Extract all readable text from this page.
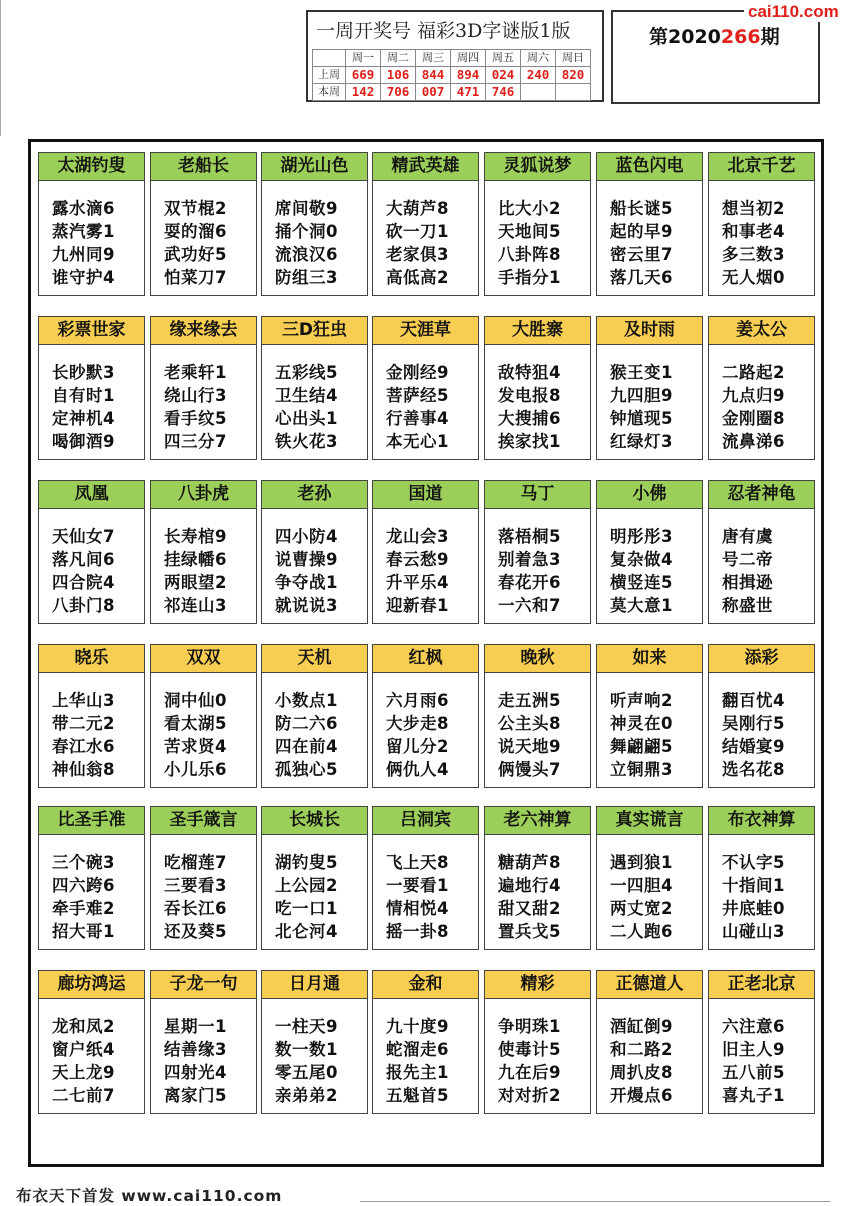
一周开奖号 福彩3D字谜版1版
	周一	周二	周三	周四	周五	周六	周日
上周	669	106	844	894	024	240	820
本周	142	706	007	471	746		
第2020266期
cai110.com
太湖钓叟
露水滴6
蒸汽雾1
九州同9
谁守护4
老船长
双节棍2
耍的溜6
武功好5
怕菜刀7
湖光山色
席间敬9
捅个洞0
流浪汉6
防组三3
精武英雄
大葫芦8
砍一刀1
老家俱3
高低高2
灵狐说梦
比大小2
天地间5
八卦阵8
手指分1
蓝色闪电
船长谜5
起的早9
密云里7
落几天6
北京千艺
想当初2
和事老4
多三数3
无人烟0
彩票世家
长眇默3
自有时1
定神机4
喝御酒9
缘来缘去
老乘轩1
绕山行3
看手纹5
四三分7
三D狂虫
五彩线5
卫生结4
心出头1
铁火花3
天涯草
金刚经9
菩萨经5
行善事4
本无心1
大胜寨
敌特狙4
发电报8
大搜捕6
挨家找1
及时雨
猴王变1
九四胆9
钟馗现5
红绿灯3
姜太公
二路起2
九点归9
金刚圈8
流鼻涕6
凤凰
天仙女7
落凡间6
四合院4
八卦门8
八卦虎
长寿棺9
挂绿幡6
两眼望2
祁连山3
老孙
四小防4
说曹操9
争夺战1
就说说3
国道
龙山会3
春云愁9
升平乐4
迎新春1
马丁
落梧桐5
别着急3
春花开6
一六和7
小佛
明彤彤3
复杂做4
横竖连5
莫大意1
忍者神龟
唐有虞
号二帝
相揖逊
称盛世
晓乐
上华山3
带二元2
春江水6
神仙翁8
双双
洞中仙0
看太湖5
苦求贤4
小儿乐6
天机
小数点1
防二六6
四在前4
孤独心5
红枫
六月雨6
大步走8
留儿分2
俩仇人4
晚秋
走五洲5
公主头8
说天地9
俩馒头7
如来
听声响2
神灵在0
舞翩翩5
立铜鼎3
添彩
翻百忧4
吴刚行5
结婚宴9
选名花8
比圣手准
三个碗3
四六跨6
牵手难2
招大哥1
圣手箴言
吃榴莲7
三要看3
吞长江6
还及葵5
长城长
湖钓叟5
上公园2
吃一口1
北仑河4
吕洞宾
飞上天8
一要看1
情相悦4
摇一卦8
老六神算
糖葫芦8
遍地行4
甜又甜2
置兵戈5
真实谎言
遇到狼1
一四胆4
两丈宽2
二人跑6
布衣神算
不认字5
十指间1
井底蛙0
山碰山3
廊坊鸿运
龙和凤2
窗户纸4
天上龙9
二七前7
子龙一句
星期一1
结善缘3
四射光4
离家门5
日月通
一柱天9
数一数1
零五尾0
亲弟弟2
金和
九十度9
蛇溜走6
报先主1
五魁首5
精彩
争明珠1
使毒计5
九在后9
对对折2
正德道人
酒缸倒9
和二路2
周扒皮8
开熳点6
正老北京
六注意6
旧主人9
五八前5
喜丸子1
布衣天下首发 www.cai110.com
